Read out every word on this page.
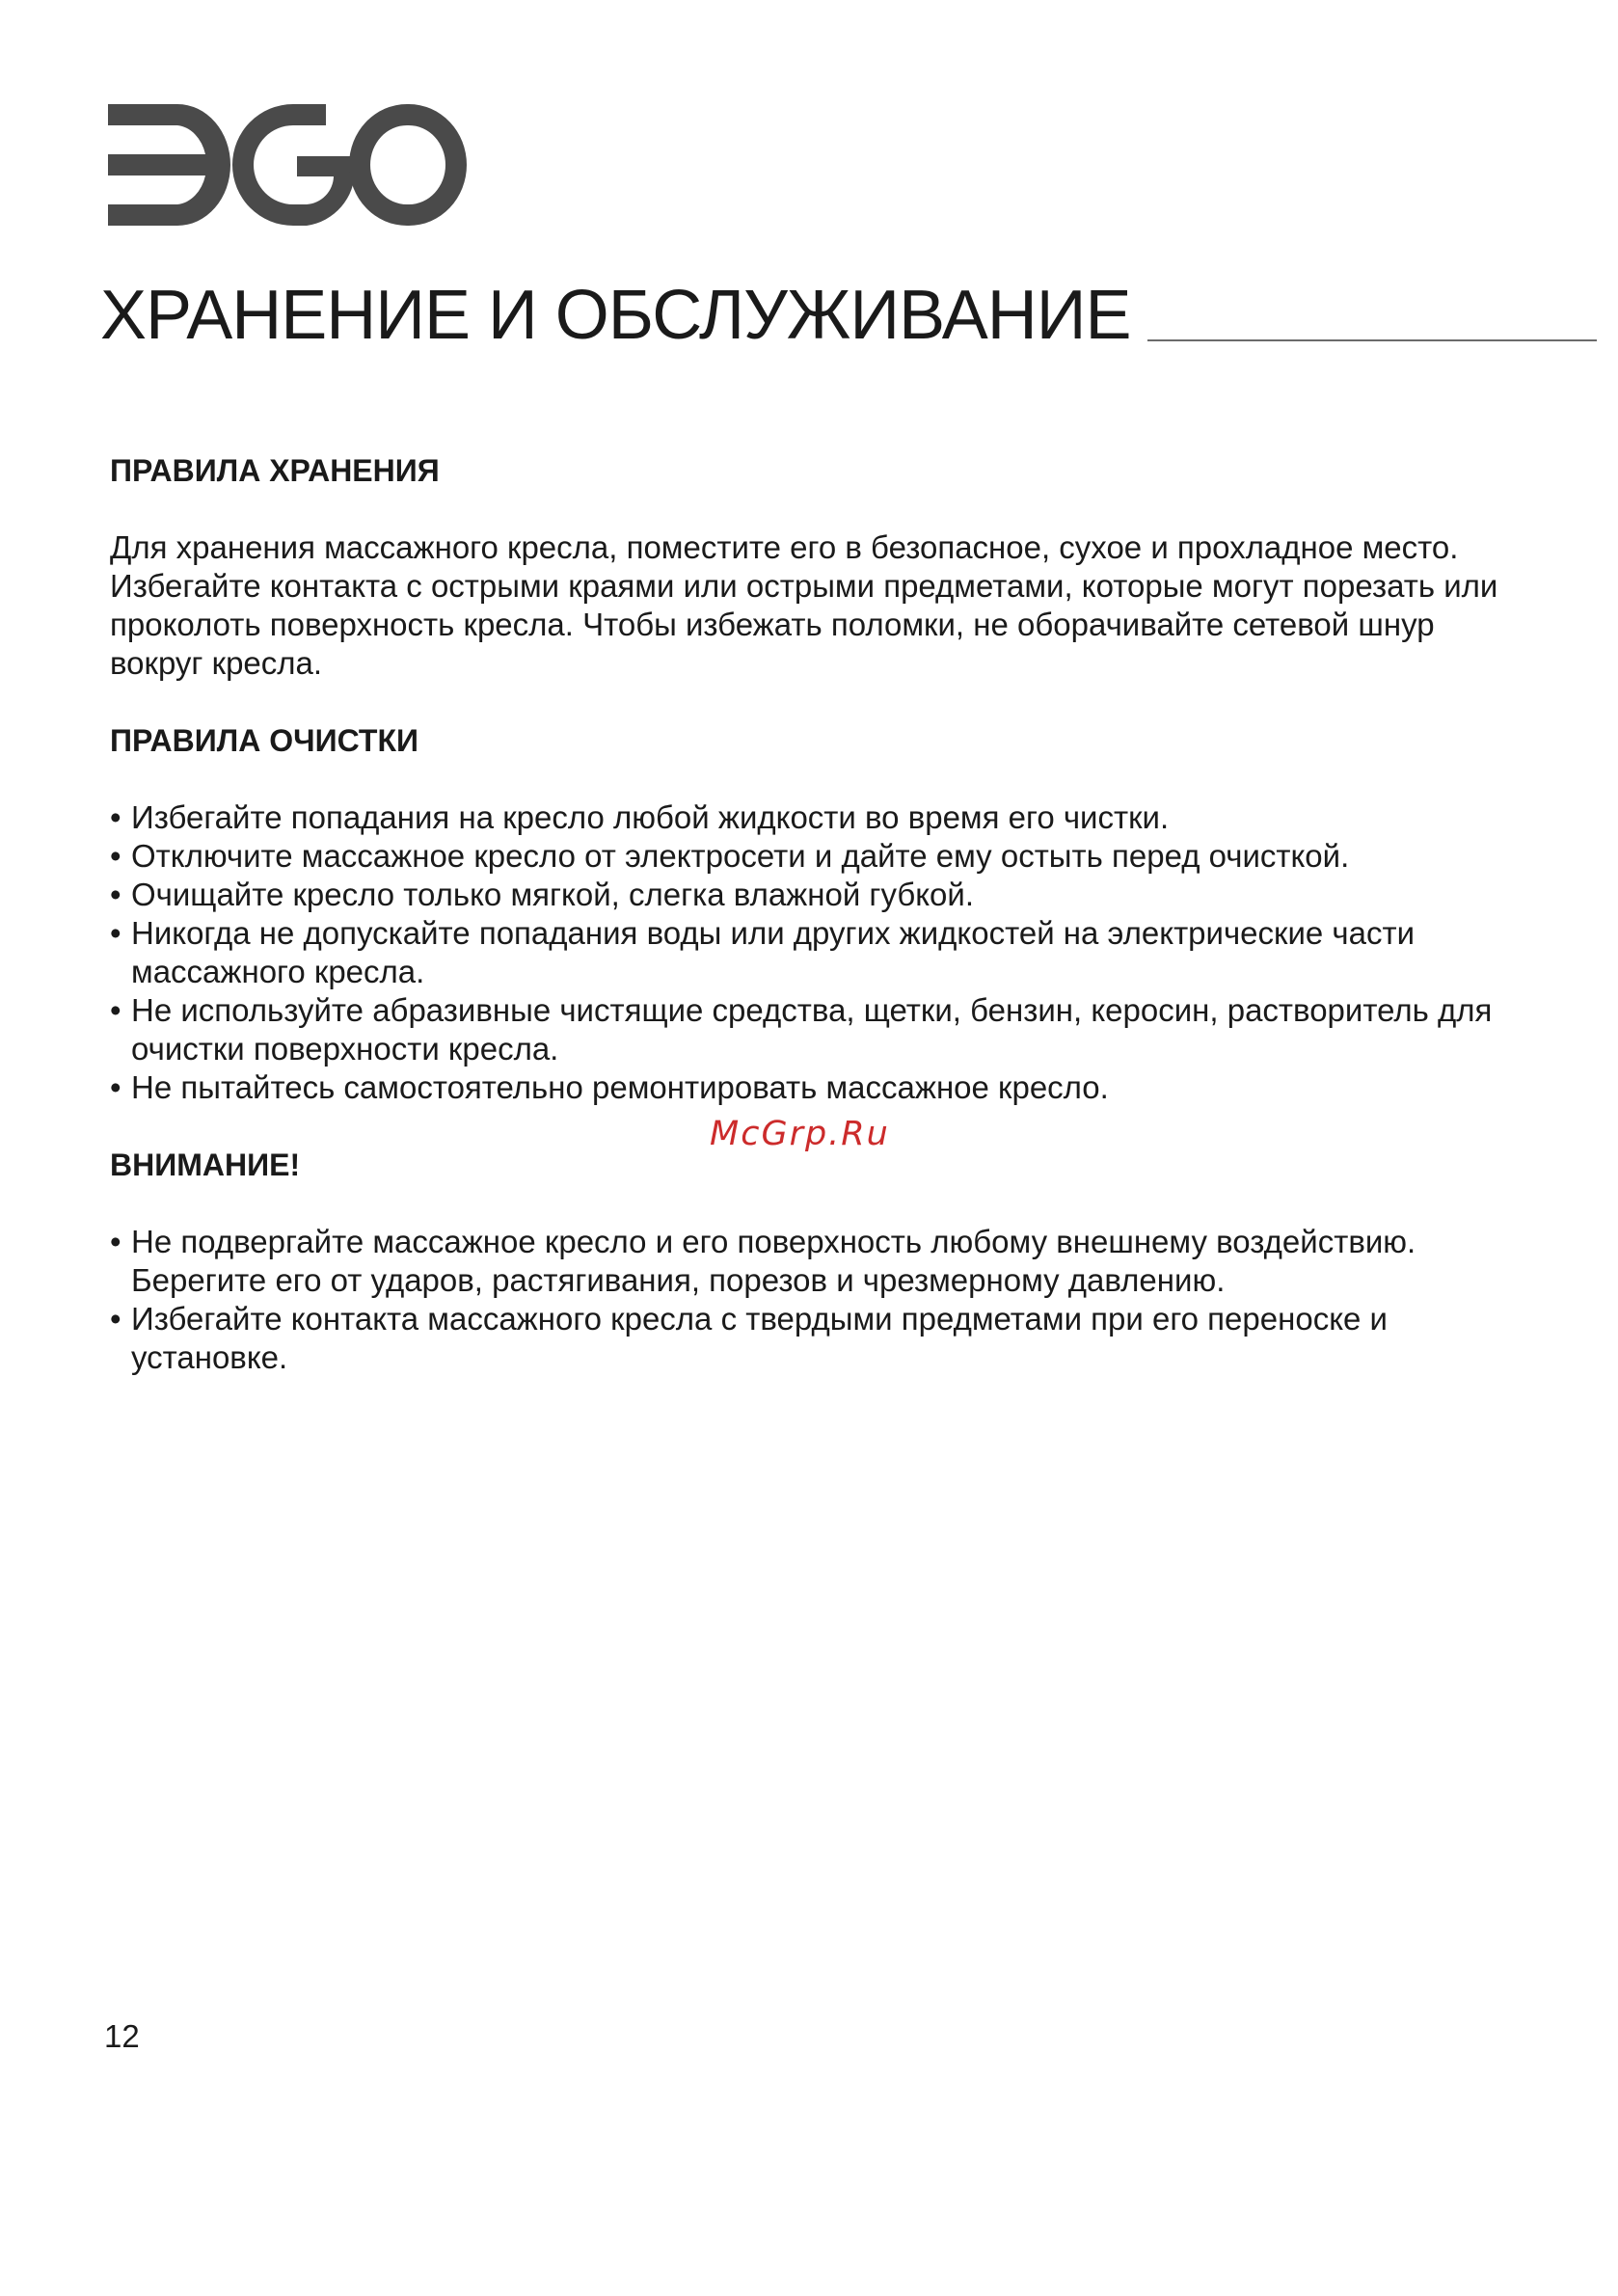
ХРАНЕНИЕ И ОБСЛУЖИВАНИЕ
ПРАВИЛА ХРАНЕНИЯ

Для хранения массажного кресла, поместите его в безопасное, сухое и прохладное место. Избегайте контакта с острыми краями или острыми предметами, которые могут порезать или проколоть поверхность кресла. Чтобы избежать поломки, не оборачивайте сетевой шнур вокруг кресла.

ПРАВИЛА ОЧИСТКИ
• Избегайте попадания на кресло любой жидкости во время его чистки.
• Отключите массажное кресло от электросети и дайте ему остыть перед очисткой.
• Очищайте кресло только мягкой, слегка влажной губкой.
• Никогда не допускайте попадания воды или других жидкостей на электрические части массажного кресла.
• Не используйте абразивные чистящие средства, щетки, бензин, керосин, растворитель для очистки поверхности кресла.
• Не пытайтесь самостоятельно ремонтировать массажное кресло.
ВНИМАНИЕ!
• Не подвергайте массажное кресло и его поверхность любому внешнему воздействию. Берегите его от ударов, растягивания, порезов и чрезмерному давлению.
• Избегайте контакта массажного кресла с твердыми предметами при его переноске и установке.
McGrp.Ru
12
